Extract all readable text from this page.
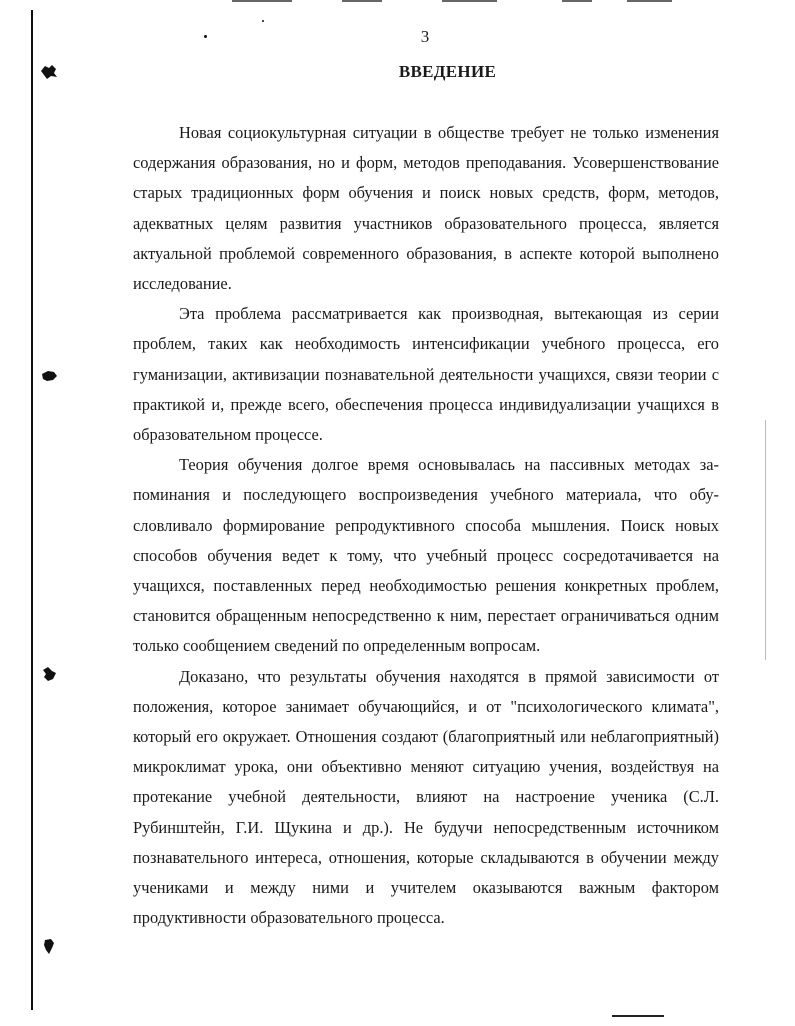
3
ВВЕДЕНИЕ

Новая социокультурная ситуации в обществе требует не только изменения содержания образования, но и форм, методов преподавания. Усовершенствование старых традиционных форм обучения и поиск новых средств, форм, методов, адекватных целям развития участников образовательного процесса, является актуальной проблемой современного образования, в аспекте которой выполнено исследование.

Эта проблема рассматривается как производная, вытекающая из серии проблем, таких как необходимость интенсификации учебного процесса, его гуманизации, активизации познавательной деятельности учащихся, связи теории с практикой и, прежде всего, обеспечения процесса индивидуализации учащихся в образовательном процессе.

Теория обучения долгое время основывалась на пассивных методах запоминания и последующего воспроизведения учебного материала, что обусловливало формирование репродуктивного способа мышления. Поиск новых способов обучения ведет к тому, что учебный процесс сосредотачивается на учащихся, поставленных перед необходимостью решения конкретных проблем, становится обращенным непосредственно к ним, перестает ограничиваться одним только сообщением сведений по определенным вопросам.

Доказано, что результаты обучения находятся в прямой зависимости от положения, которое занимает обучающийся, и от "психологического климата", который его окружает. Отношения создают (благоприятный или неблагоприятный) микроклимат урока, они объективно меняют ситуацию учения, воздействуя на протекание учебной деятельности, влияют на настроение ученика (С.Л. Рубинштейн, Г.И. Щукина и др.). Не будучи непосредственным источником познавательного интереса, отношения, которые складываются в обучении между учениками и между ними и учителем оказываются важным фактором продуктивности образовательного процесса.
